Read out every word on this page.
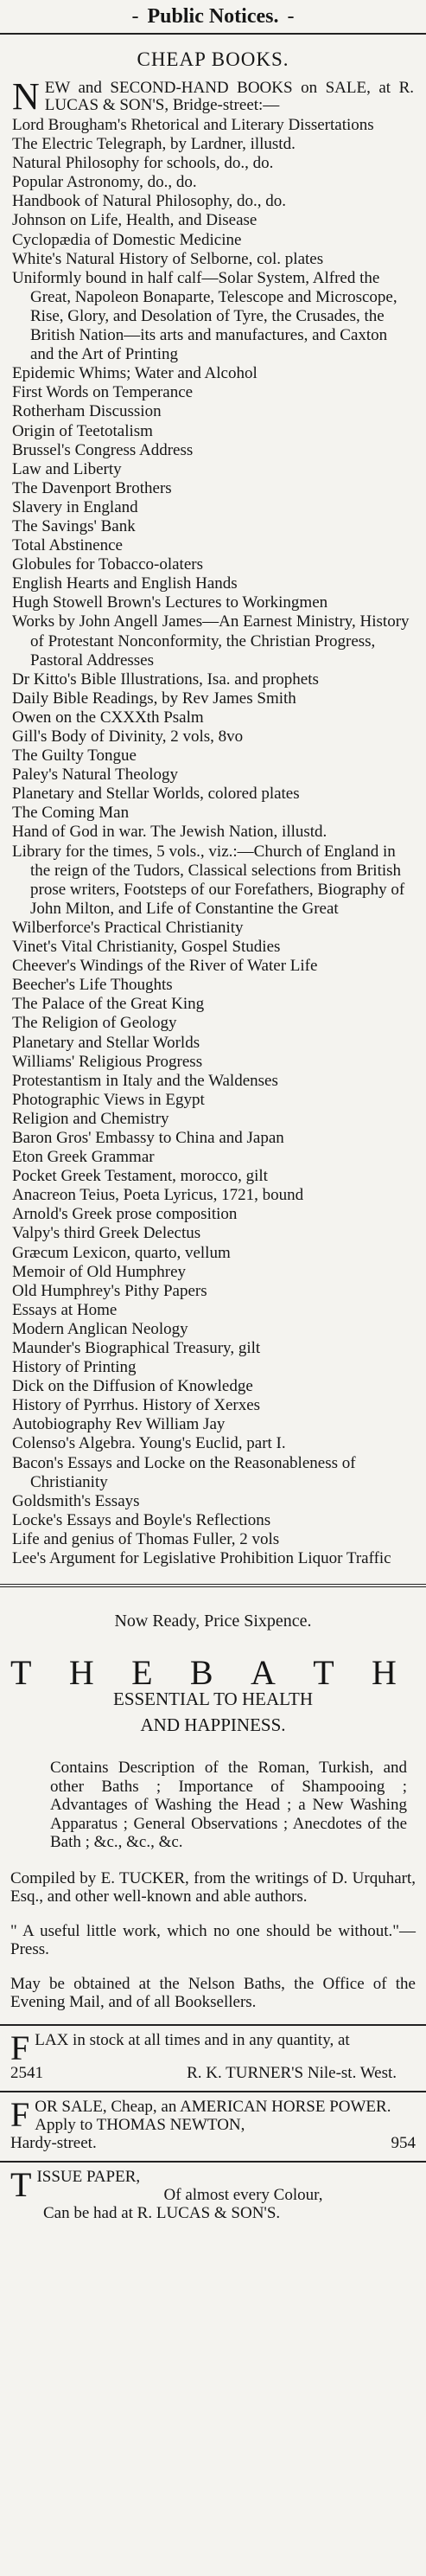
- Public Notices. -
CHEAP BOOKS.
N EW and SECOND-HAND BOOKS on SALE, at R. LUCAS & SON'S, Bridge-street:—
Lord Brougham's Rhetorical and Literary Dissertations
The Electric Telegraph, by Lardner, illustd.
Natural Philosophy for schools, do., do.
Popular Astronomy, do., do.
Handbook of Natural Philosophy, do., do.
Johnson on Life, Health, and Disease
Cyclopædia of Domestic Medicine
White's Natural History of Selborne, col. plates
Uniformly bound in half calf—Solar System, Alfred the Great, Napoleon Bonaparte, Telescope and Microscope, Rise, Glory, and Desolation of Tyre, the Crusades, the British Nation—its arts and manufactures, and Caxton and the Art of Printing
Epidemic Whims; Water and Alcohol
First Words on Temperance
Rotherham Discussion
Origin of Teetotalism
Brussel's Congress Address
Law and Liberty
The Davenport Brothers
Slavery in England
The Savings' Bank
Total Abstinence
Globules for Tobacco-olaters
English Hearts and English Hands
Hugh Stowell Brown's Lectures to Workingmen
Works by John Angell James—An Earnest Ministry, History of Protestant Nonconformity, the Christian Progress, Pastoral Addresses
Dr Kitto's Bible Illustrations, Isa. and prophets
Daily Bible Readings, by Rev James Smith
Owen on the CXXXth Psalm
Gill's Body of Divinity, 2 vols, 8vo
The Guilty Tongue
Paley's Natural Theology
Planetary and Stellar Worlds, colored plates
The Coming Man
Hand of God in war. The Jewish Nation, illustd.
Library for the times, 5 vols., viz.:—Church of England in the reign of the Tudors, Classical selections from British prose writers, Footsteps of our Forefathers, Biography of John Milton, and Life of Constantine the Great
Wilberforce's Practical Christianity
Vinet's Vital Christianity, Gospel Studies
Cheever's Windings of the River of Water Life
Beecher's Life Thoughts
The Palace of the Great King
The Religion of Geology
Planetary and Stellar Worlds
Williams' Religious Progress
Protestantism in Italy and the Waldenses
Photographic Views in Egypt
Religion and Chemistry
Baron Gros' Embassy to China and Japan
Eton Greek Grammar
Pocket Greek Testament, morocco, gilt
Anacreon Teius, Poeta Lyricus, 1721, bound
Arnold's Greek prose composition
Valpy's third Greek Delectus
Græcum Lexicon, quarto, vellum
Memoir of Old Humphrey
Old Humphrey's Pithy Papers
Essays at Home
Modern Anglican Neology
Maunder's Biographical Treasury, gilt
History of Printing
Dick on the Diffusion of Knowledge
History of Pyrrhus. History of Xerxes
Autobiography Rev William Jay
Colenso's Algebra. Young's Euclid, part I.
Bacon's Essays and Locke on the Reasonableness of Christianity
Goldsmith's Essays
Locke's Essays and Boyle's Reflections
Life and genius of Thomas Fuller, 2 vols
Lee's Argument for Legislative Prohibition Liquor Traffic
Now Ready, Price Sixpence.
T H E B A T H
ESSENTIAL TO HEALTH
AND HAPPINESS.
Contains Description of the Roman, Turkish, and other Baths ; Importance of Shampooing ; Advantages of Washing the Head ; a New Washing Apparatus ; General Observations ; Anecdotes of the Bath ; &c., &c., &c.
Compiled by E. TUCKER, from the writings of D. Urquhart, Esq., and other well-known and able authors.
" A useful little work, which no one should be without."—Press.
May be obtained at the Nelson Baths, the Office of the Evening Mail, and of all Booksellers.
F LAX in stock at all times and in any quantity, at
2541	R. K. TURNER'S Nile-st. West.
F OR SALE, Cheap, an AMERICAN HORSE POWER. Apply to THOMAS NEWTON,
Hardy-street.	954
T ISSUE PAPER,
Of almost every Colour,
Can be had at R. LUCAS & SON'S.
